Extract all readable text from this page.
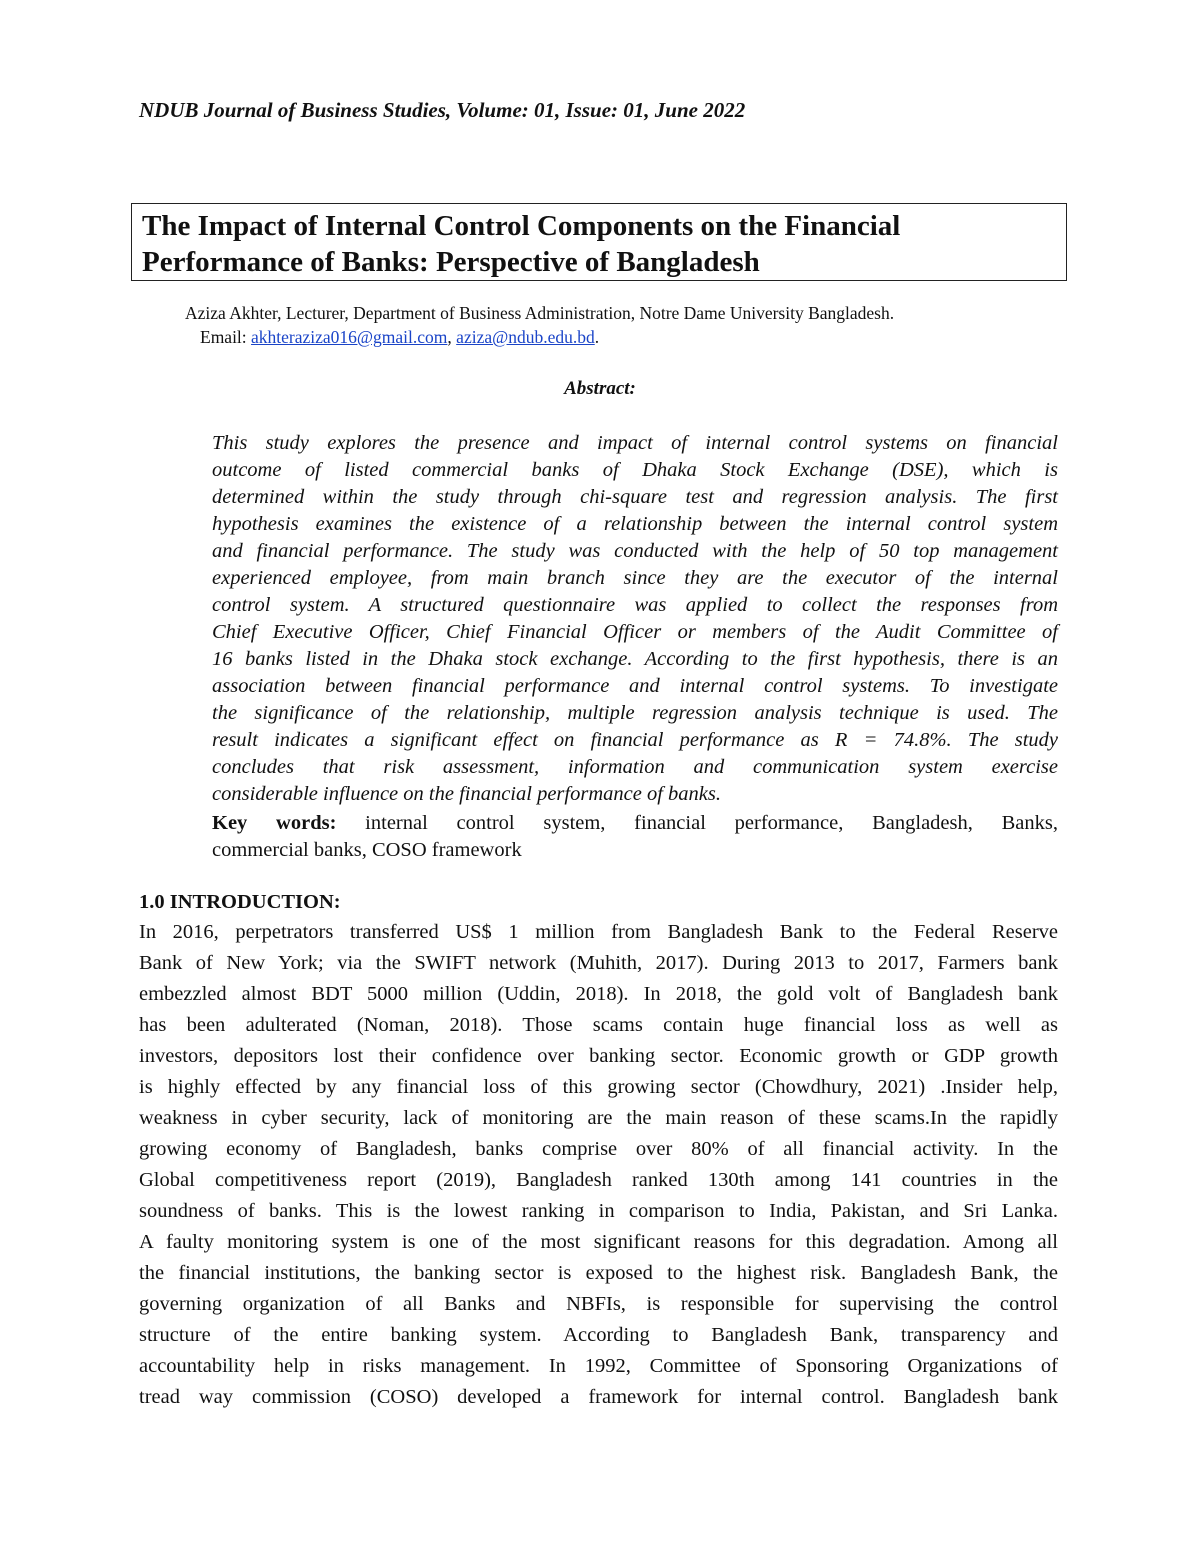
NDUB Journal of Business Studies, Volume: 01, Issue: 01, June 2022
The Impact of Internal Control Components on the Financial
Performance of Banks: Perspective of Bangladesh
Aziza Akhter, Lecturer, Department of Business Administration, Notre Dame University Bangladesh.
Email: akhteraziza016@gmail.com, aziza@ndub.edu.bd.
Abstract:
This study explores the presence and impact of internal control systems on financial
outcome of listed commercial banks of Dhaka Stock Exchange (DSE), which is
determined within the study through chi-square test and regression analysis. The first
hypothesis examines the existence of a relationship between the internal control system
and financial performance. The study was conducted with the help of 50 top management
experienced employee, from main branch since they are the executor of the internal
control system. A structured questionnaire was applied to collect the responses from
Chief Executive Officer, Chief Financial Officer or members of the Audit Committee of
16 banks listed in the Dhaka stock exchange. According to the first hypothesis, there is an
association between financial performance and internal control systems. To investigate
the significance of the relationship, multiple regression analysis technique is used. The
result indicates a significant effect on financial performance as R = 74.8%. The study
concludes that risk assessment, information and communication system exercise
considerable influence on the financial performance of banks.
Key words: internal control system, financial performance, Bangladesh, Banks,
commercial banks, COSO framework
1.0 INTRODUCTION:
In 2016, perpetrators transferred US$ 1 million from Bangladesh Bank to the Federal Reserve
Bank of New York; via the SWIFT network (Muhith, 2017). During 2013 to 2017, Farmers bank
embezzled almost BDT 5000 million (Uddin, 2018). In 2018, the gold volt of Bangladesh bank
has been adulterated (Noman, 2018). Those scams contain huge financial loss as well as
investors, depositors lost their confidence over banking sector. Economic growth or GDP growth
is highly effected by any financial loss of this growing sector (Chowdhury, 2021) .Insider help,
weakness in cyber security, lack of monitoring are the main reason of these scams.In the rapidly
growing economy of Bangladesh, banks comprise over 80% of all financial activity. In the
Global competitiveness report (2019), Bangladesh ranked 130th among 141 countries in the
soundness of banks. This is the lowest ranking in comparison to India, Pakistan, and Sri Lanka.
A faulty monitoring system is one of the most significant reasons for this degradation. Among all
the financial institutions, the banking sector is exposed to the highest risk. Bangladesh Bank, the
governing organization of all Banks and NBFIs, is responsible for supervising the control
structure of the entire banking system. According to Bangladesh Bank, transparency and
accountability help in risks management. In 1992, Committee of Sponsoring Organizations of
tread way commission (COSO) developed a framework for internal control. Bangladesh bank
